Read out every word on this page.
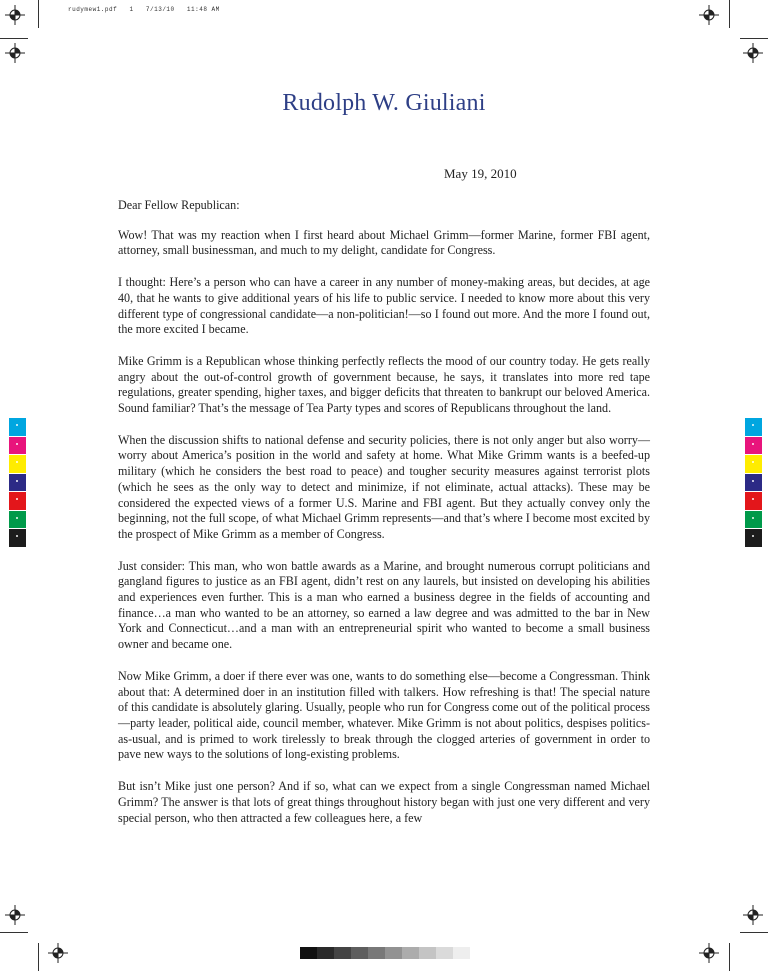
rudymew1.pdf   1   7/13/10   11:48 AM
Rudolph W. Giuliani
May 19, 2010

Dear Fellow Republican:

Wow! That was my reaction when I first heard about Michael Grimm—former Marine, former FBI agent, attorney, small businessman, and much to my delight, candidate for Congress.

I thought: Here’s a person who can have a career in any number of money-making areas, but decides, at age 40, that he wants to give additional years of his life to public service. I needed to know more about this very different type of congressional candidate—a non-politician!—so I found out more. And the more I found out, the more excited I became.

Mike Grimm is a Republican whose thinking perfectly reflects the mood of our country today. He gets really angry about the out-of-control growth of government because, he says, it translates into more red tape regulations, greater spending, higher taxes, and bigger deficits that threaten to bankrupt our beloved America. Sound familiar? That’s the message of Tea Party types and scores of Republicans throughout the land.

When the discussion shifts to national defense and security policies, there is not only anger but also worry—worry about America’s position in the world and safety at home. What Mike Grimm wants is a beefed-up military (which he considers the best road to peace) and tougher security measures against terrorist plots (which he sees as the only way to detect and minimize, if not eliminate, actual attacks). These may be considered the expected views of a former U.S. Marine and FBI agent. But they actually convey only the beginning, not the full scope, of what Michael Grimm represents—and that’s where I become most excited by the prospect of Mike Grimm as a member of Congress.

Just consider: This man, who won battle awards as a Marine, and brought numerous corrupt politicians and gangland figures to justice as an FBI agent, didn’t rest on any laurels, but insisted on developing his abilities and experiences even further. This is a man who earned a business degree in the fields of accounting and finance…a man who wanted to be an attorney, so earned a law degree and was admitted to the bar in New York and Connecticut…and a man with an entrepreneurial spirit who wanted to become a small business owner and became one.

Now Mike Grimm, a doer if there ever was one, wants to do something else—become a Congressman. Think about that: A determined doer in an institution filled with talkers. How refreshing is that! The special nature of this candidate is absolutely glaring. Usually, people who run for Congress come out of the political process—party leader, political aide, council member, whatever. Mike Grimm is not about politics, despises politics-as-usual, and is primed to work tirelessly to break through the clogged arteries of government in order to pave new ways to the solutions of long-existing problems.

But isn’t Mike just one person? And if so, what can we expect from a single Congressman named Michael Grimm? The answer is that lots of great things throughout history began with just one very different and very special person, who then attracted a few colleagues here, a few
